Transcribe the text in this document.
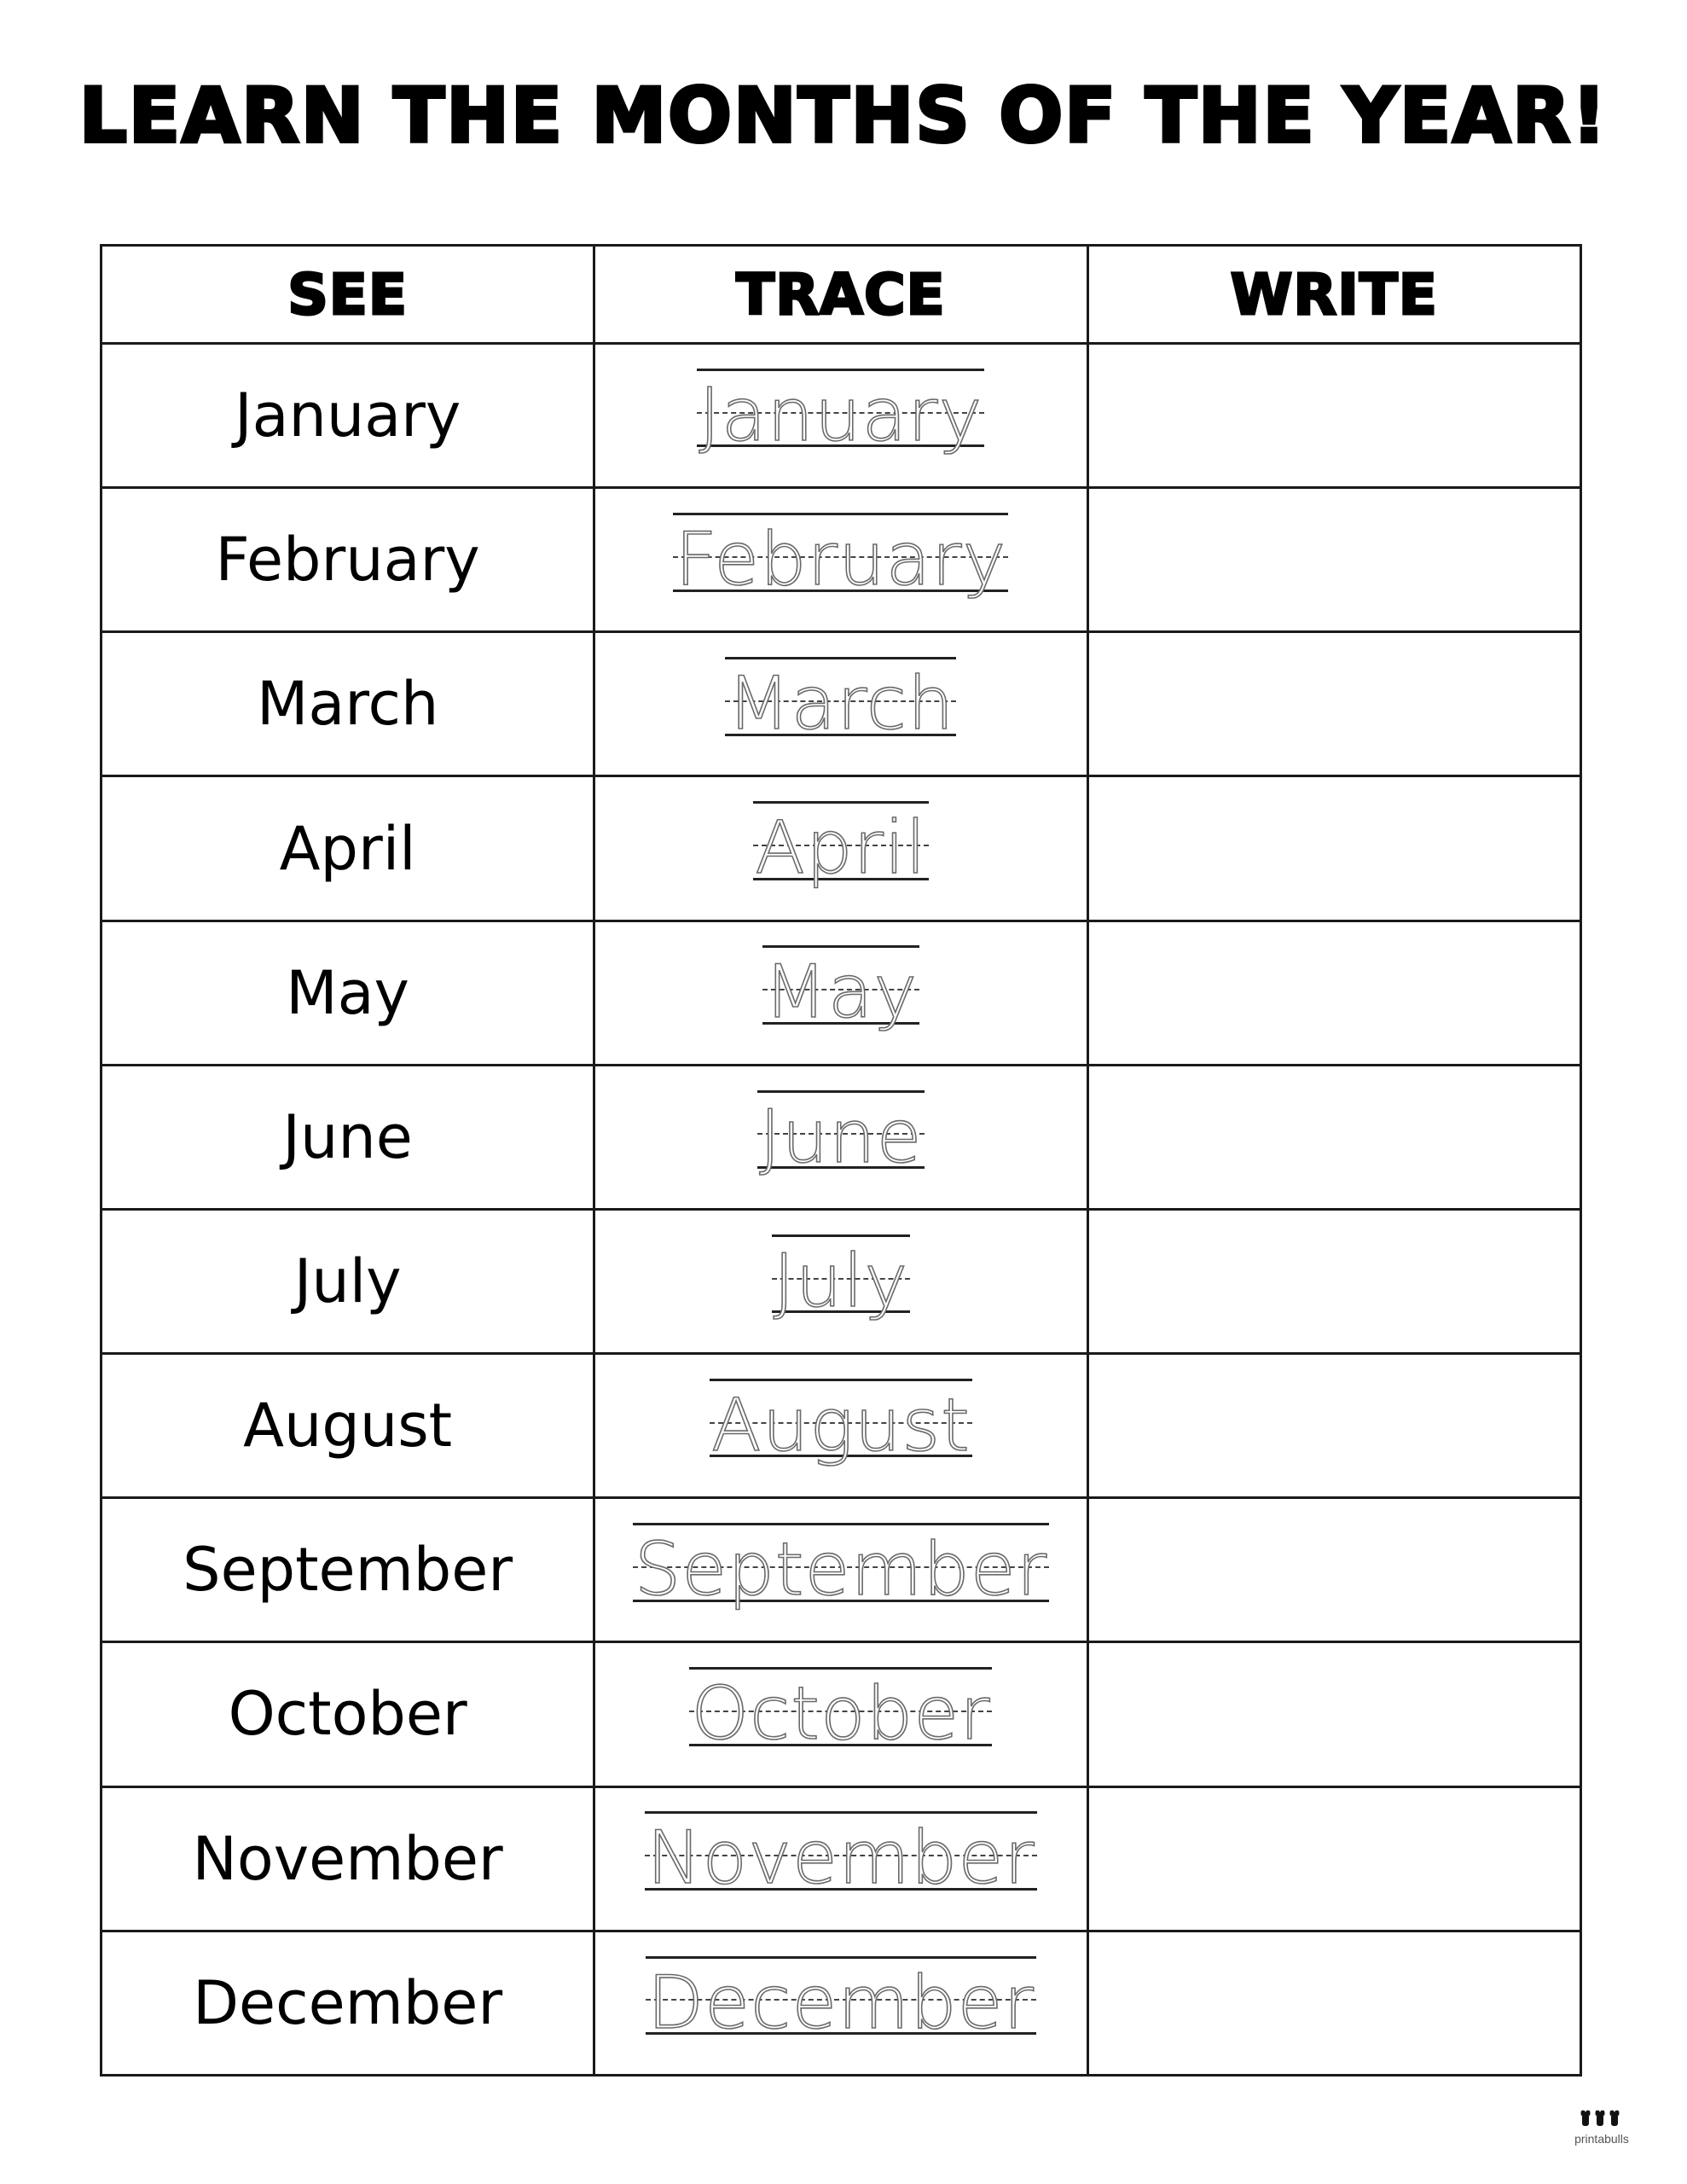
LEARN THE MONTHS OF THE YEAR!
SEE	TRACE	WRITE
January	January	

February	February	

March	March	

April	April	

May	May	

June	June	

July	July	

August	August	

September	September	

October	October	

November	November	

December	December	

printabulls
